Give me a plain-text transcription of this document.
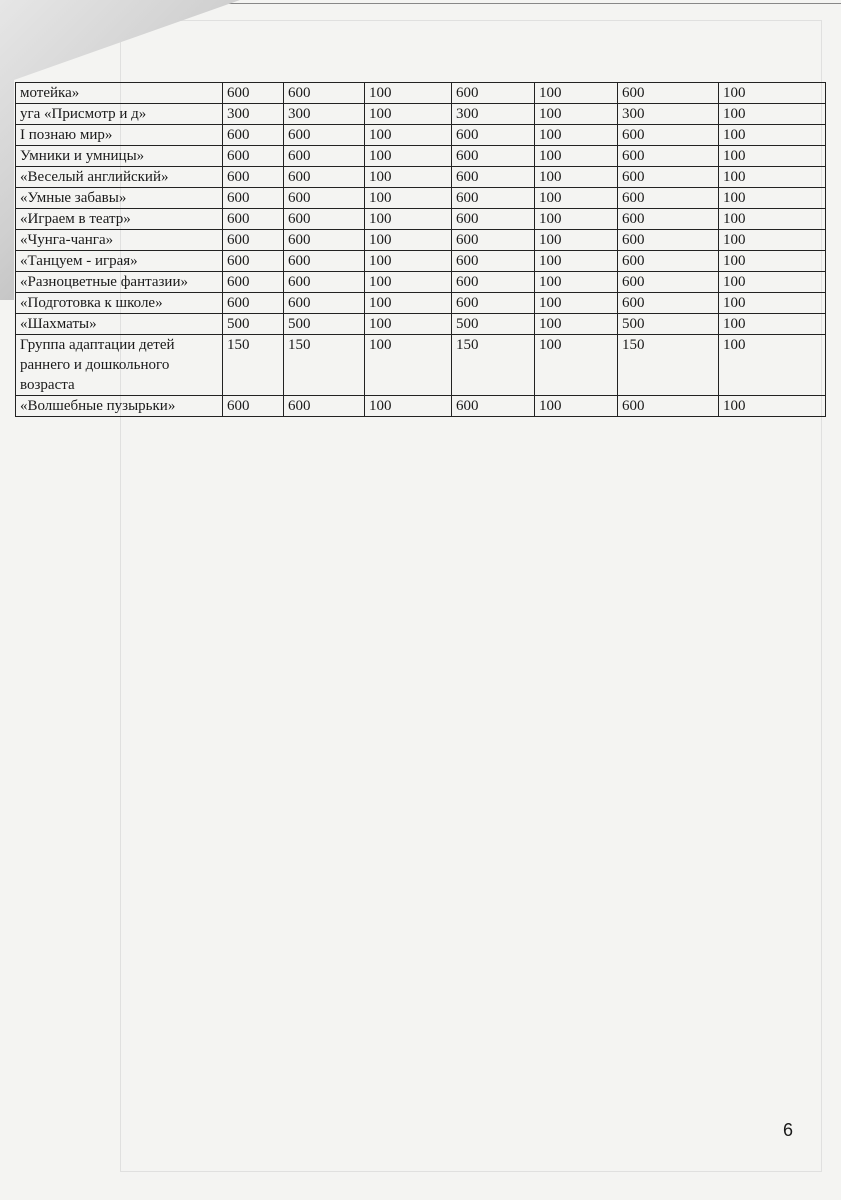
мотейка»	600	600	100	600	100	600	100
уга «Присмотр и д»	300	300	100	300	100	300	100
I познаю мир»	600	600	100	600	100	600	100
Умники и умницы»	600	600	100	600	100	600	100
«Веселый английский»	600	600	100	600	100	600	100
«Умные забавы»	600	600	100	600	100	600	100
«Играем в театр»	600	600	100	600	100	600	100
«Чунга-чанга»	600	600	100	600	100	600	100
«Танцуем - играя»	600	600	100	600	100	600	100
«Разноцветные фантазии»	600	600	100	600	100	600	100
«Подготовка к школе»	600	600	100	600	100	600	100
«Шахматы»	500	500	100	500	100	500	100
Группа адаптации детей раннего и дошкольного возраста	150	150	100	150	100	150	100
«Волшебные пузырьки»	600	600	100	600	100	600	100
6
